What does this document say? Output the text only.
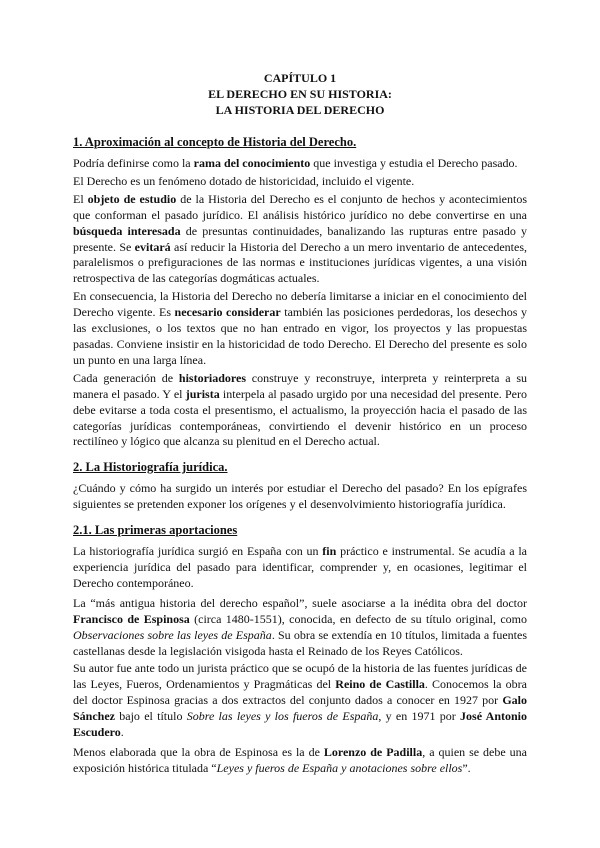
CAPÍTULO 1
EL DERECHO EN SU HISTORIA:
LA HISTORIA DEL DERECHO
1. Aproximación al concepto de Historia del Derecho.

Podría definirse como la rama del conocimiento que investiga y estudia el Derecho pasado.

El Derecho es un fenómeno dotado de historicidad, incluido el vigente.

El objeto de estudio de la Historia del Derecho es el conjunto de hechos y acontecimientos que conforman el pasado jurídico. El análisis histórico jurídico no debe convertirse en una búsqueda interesada de presuntas continuidades, banalizando las rupturas entre pasado y presente. Se evitará así reducir la Historia del Derecho a un mero inventario de antecedentes, paralelismos o prefiguraciones de las normas e instituciones jurídicas vigentes, a una visión retrospectiva de las categorías dogmáticas actuales.

En consecuencia, la Historia del Derecho no debería limitarse a iniciar en el conocimiento del Derecho vigente. Es necesario considerar también las posiciones perdedoras, los desechos y las exclusiones, o los textos que no han entrado en vigor, los proyectos y las propuestas pasadas. Conviene insistir en la historicidad de todo Derecho. El Derecho del presente es solo un punto en una larga línea.

Cada generación de historiadores construye y reconstruye, interpreta y reinterpreta a su manera el pasado. Y el jurista interpela al pasado urgido por una necesidad del presente. Pero debe evitarse a toda costa el presentismo, el actualismo, la proyección hacia el pasado de las categorías jurídicas contemporáneas, convirtiendo el devenir histórico en un proceso rectilíneo y lógico que alcanza su plenitud en el Derecho actual.

2. La Historiografía jurídica.

¿Cuándo y cómo ha surgido un interés por estudiar el Derecho del pasado? En los epígrafes siguientes se pretenden exponer los orígenes y el desenvolvimiento historiografía jurídica.

2.1. Las primeras aportaciones

La historiografía jurídica surgió en España con un fin práctico e instrumental. Se acudía a la experiencia jurídica del pasado para identificar, comprender y, en ocasiones, legitimar el Derecho contemporáneo.

La “más antigua historia del derecho español”, suele asociarse a la inédita obra del doctor Francisco de Espinosa (circa 1480-1551), conocida, en defecto de su título original, como Observaciones sobre las leyes de España. Su obra se extendía en 10 títulos, limitada a fuentes castellanas desde la legislación visigoda hasta el Reinado de los Reyes Católicos.

Su autor fue ante todo un jurista práctico que se ocupó de la historia de las fuentes jurídicas de las Leyes, Fueros, Ordenamientos y Pragmáticas del Reino de Castilla. Conocemos la obra del doctor Espinosa gracias a dos extractos del conjunto dados a conocer en 1927 por Galo Sánchez bajo el título Sobre las leyes y los fueros de España, y en 1971 por José Antonio Escudero.

Menos elaborada que la obra de Espinosa es la de Lorenzo de Padilla, a quien se debe una exposición histórica titulada “Leyes y fueros de España y anotaciones sobre ellos”.
